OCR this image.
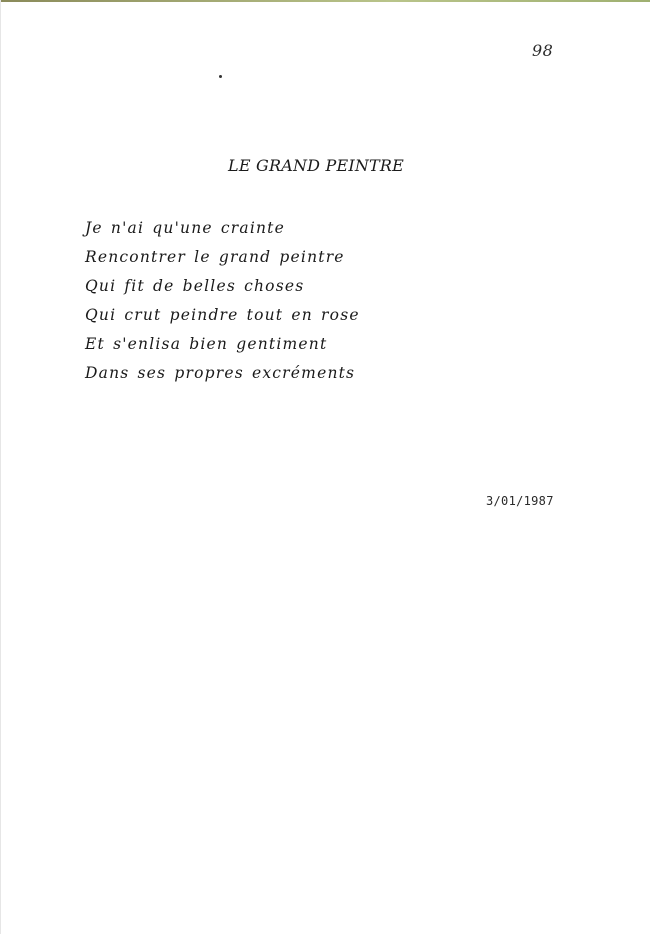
98
LE GRAND PEINTRE
Je n'ai qu'une crainte
Rencontrer le grand peintre
Qui fit de belles choses
Qui crut peindre tout en rose
Et s'enlisa bien gentiment
Dans ses propres excréments
3/01/1987
